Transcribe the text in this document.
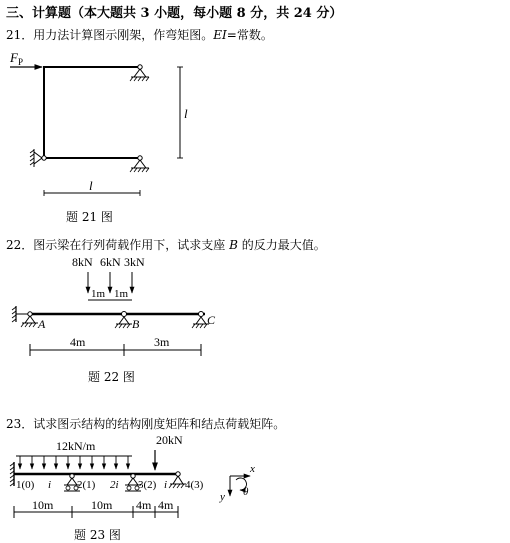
三、计算题（本大题共 3 小题，每小题 8 分，共 24 分）
21．用力法计算图示刚架，作弯矩图。EI=常数。
22．图示梁在行列荷载作用下，试求支座 B 的反力最大值。
23．试求图示结构的结构刚度矩阵和结点荷载矩阵。
题 21 图
题 22 图
题 23 图
$F_P$
l
l
8kN 6kN 3kN
1m 1m
A	B	C
4m	3m
12kN/m	20kN
1(0)	2(1)	3(2)	4(3)
i	2i	i
10m	10m 4m 4m
x
y θ
